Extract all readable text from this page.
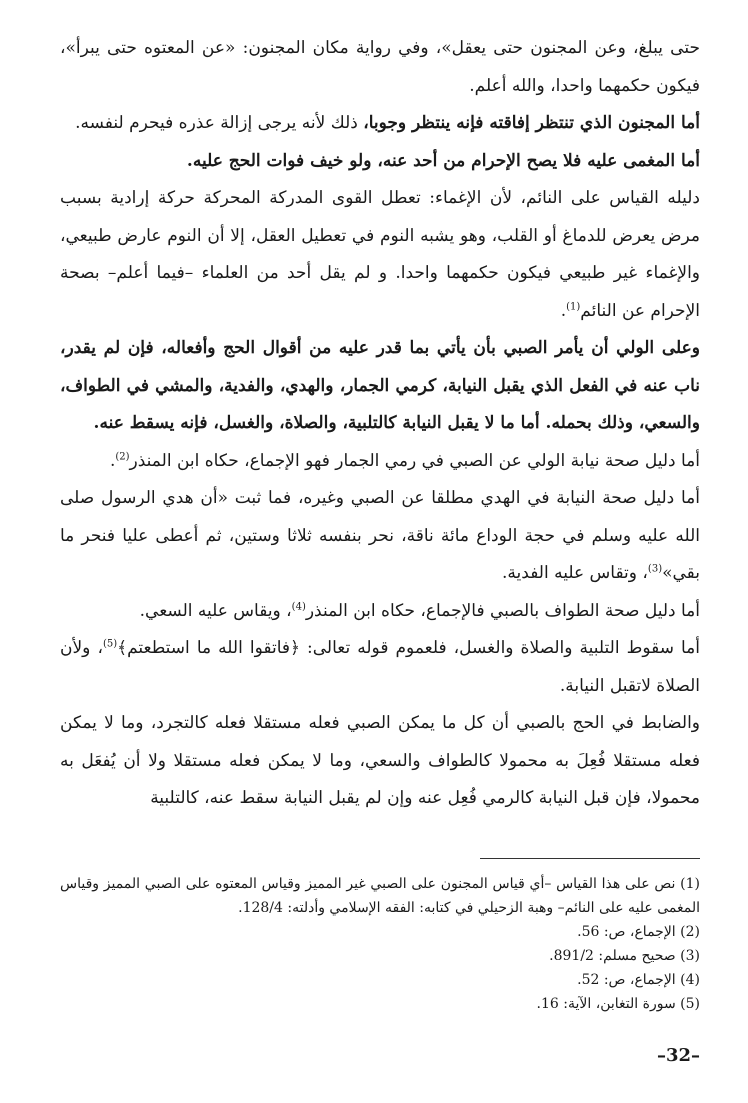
حتى يبلغ، وعن المجنون حتى يعقل»، وفي رواية مكان المجنون: «عن المعتوه حتى يبرأ»، فيكون حكمهما واحدا، والله أعلم.

أما المجنون الذي تنتظر إفاقته فإنه ينتظر وجوبا، ذلك لأنه يرجى إزالة عذره فيحرم لنفسه.

أما المغمى عليه فلا يصح الإحرام من أحد عنه، ولو خيف فوات الحج عليه.

دليله القياس على النائم، لأن الإغماء: تعطل القوى المدركة المحركة حركة إرادية بسبب مرض يعرض للدماغ أو القلب، وهو يشبه النوم في تعطيل العقل، إلا أن النوم عارض طبيعي، والإغماء غير طبيعي فيكون حكمهما واحدا. و لم يقل أحد من العلماء –فيما أعلم– بصحة الإحرام عن النائم$^{(1)}$.

وعلى الولي أن يأمر الصبي بأن يأتي بما قدر عليه من أقوال الحج وأفعاله، فإن لم يقدر، ناب عنه في الفعل الذي يقبل النيابة، كرمي الجمار، والهدي، والفدية، والمشي في الطواف، والسعي، وذلك بحمله. أما ما لا يقبل النيابة كالتلبية، والصلاة، والغسل، فإنه يسقط عنه.

أما دليل صحة نيابة الولي عن الصبي في رمي الجمار فهو الإجماع، حكاه ابن المنذر$^{(2)}$.

أما دليل صحة النيابة في الهدي مطلقا عن الصبي وغيره، فما ثبت «أن هدي الرسول صلى الله عليه وسلم في حجة الوداع مائة ناقة، نحر بنفسه ثلاثا وستين، ثم أعطى عليا فنحر ما بقي»$^{(3)}$، وتقاس عليه الفدية.

أما دليل صحة الطواف بالصبي فالإجماع، حكاه ابن المنذر$^{(4)}$، ويقاس عليه السعي.

أما سقوط التلبية والصلاة والغسل، فلعموم قوله تعالى: ﴿فاتقوا الله ما استطعتم﴾$^{(5)}$، ولأن الصلاة لاتقبل النيابة.

والضابط في الحج بالصبي أن كل ما يمكن الصبي فعله مستقلا فعله كالتجرد، وما لا يمكن فعله مستقلا فُعِلَ به محمولا كالطواف والسعي، وما لا يمكن فعله مستقلا ولا أن يُفعَل به محمولا، فإن قبل النيابة كالرمي فُعِل عنه وإن لم يقبل النيابة سقط عنه، كالتلبية

(1) نص على هذا القياس –أي قياس المجنون على الصبي غير المميز وقياس المعتوه على الصبي المميز وقياس المغمى عليه على النائم– وهبة الزحيلي في كتابه: الفقه الإسلامي وأدلته: 128/4.

(2) الإجماع، ص: 56.

(3) صحيح مسلم: 891/2.

(4) الإجماع، ص: 52.

(5) سورة التغابن، الآية: 16.

–32–
